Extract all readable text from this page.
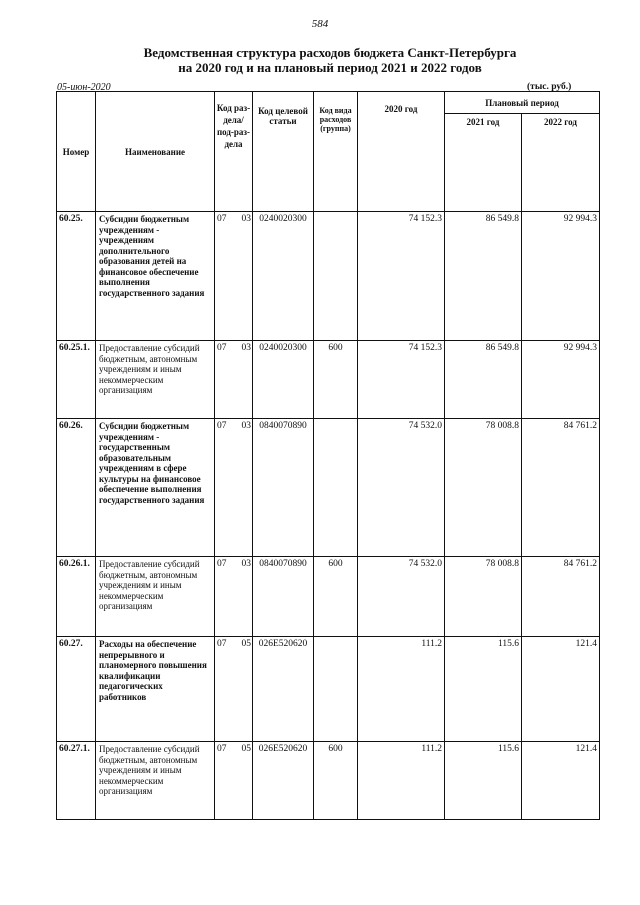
584
Ведомственная структура расходов бюджета Санкт-Петербурга
на 2020 год и на плановый период 2021 и 2022 годов
05-июн-2020	(тыс. руб.)
Номер	Наименование	Код раз-дела/ под-раз-дела	Код целевой статьи	Код вида расходов (группа)	2020 год	Плановый период	
						2021 год	2022 год
60.25.	Субсидии бюджетным учреждениям - учреждениям дополнительного образования детей на финансовое обеспечение выполнения государственного задания	07 03	0240020300		74 152.3	86 549.8	92 994.3
60.25.1.	Предоставление субсидий бюджетным, автономным учреждениям и иным некоммерческим организациям	07 03	0240020300	600	74 152.3	86 549.8	92 994.3
60.26.	Субсидии бюджетным учреждениям - государственным образовательным учреждениям в сфере культуры на финансовое обеспечение выполнения государственного задания	07 03	0840070890		74 532.0	78 008.8	84 761.2
60.26.1.	Предоставление субсидий бюджетным, автономным учреждениям и иным некоммерческим организациям	07 03	0840070890	600	74 532.0	78 008.8	84 761.2
60.27.	Расходы на обеспечение непрерывного и планомерного повышения квалификации педагогических работников	07 05	026E520620		111.2	115.6	121.4
60.27.1.	Предоставление субсидий бюджетным, автономным учреждениям и иным некоммерческим организациям	07 05	026E520620	600	111.2	115.6	121.4
